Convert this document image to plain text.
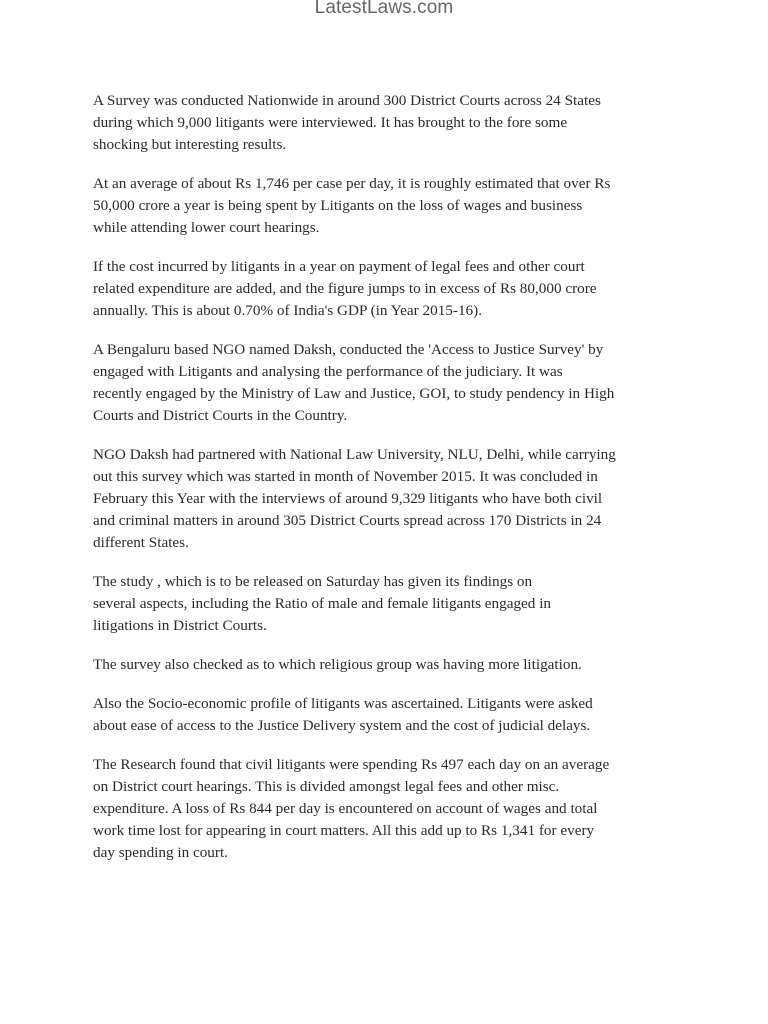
LatestLaws.com

A Survey was conducted Nationwide in around 300 District Courts across 24 States
during which 9,000 litigants were interviewed. It has brought to the fore some
shocking but interesting results.

At an average of about Rs 1,746 per case per day, it is roughly estimated that over Rs
50,000 crore a year is being spent by Litigants on the loss of wages and business
while attending lower court hearings.

If the cost incurred by litigants in a year on payment of legal fees and other court
related expenditure are added, and the figure jumps to in excess of Rs 80,000 crore
annually. This is about 0.70% of India's GDP (in Year 2015-16).

A Bengaluru based NGO named Daksh, conducted the 'Access to Justice Survey' by
engaged with Litigants and analysing the performance of the judiciary. It was
recently engaged by the Ministry of Law and Justice, GOI, to study pendency in High
Courts and District Courts in the Country.

NGO Daksh had partnered with National Law University, NLU, Delhi, while carrying
out this survey which was started in month of November 2015. It was concluded in
February this Year with the interviews of around 9,329 litigants who have both civil
and criminal matters in around 305 District Courts spread across 170 Districts in 24
different States.

The study , which is to be released on Saturday has given its findings on
several aspects, including the Ratio of male and female litigants engaged in
litigations in District Courts.

The survey also checked as to which religious group was having more litigation.

Also the Socio-economic profile of litigants was ascertained. Litigants were asked
about ease of access to the Justice Delivery system and the cost of judicial delays.

The Research found that civil litigants were spending Rs 497 each day on an average
on District court hearings. This is divided amongst legal fees and other misc.
expenditure. A loss of Rs 844 per day is encountered on account of wages and total
work time lost for appearing in court matters. All this add up to Rs 1,341 for every
day spending in court.
